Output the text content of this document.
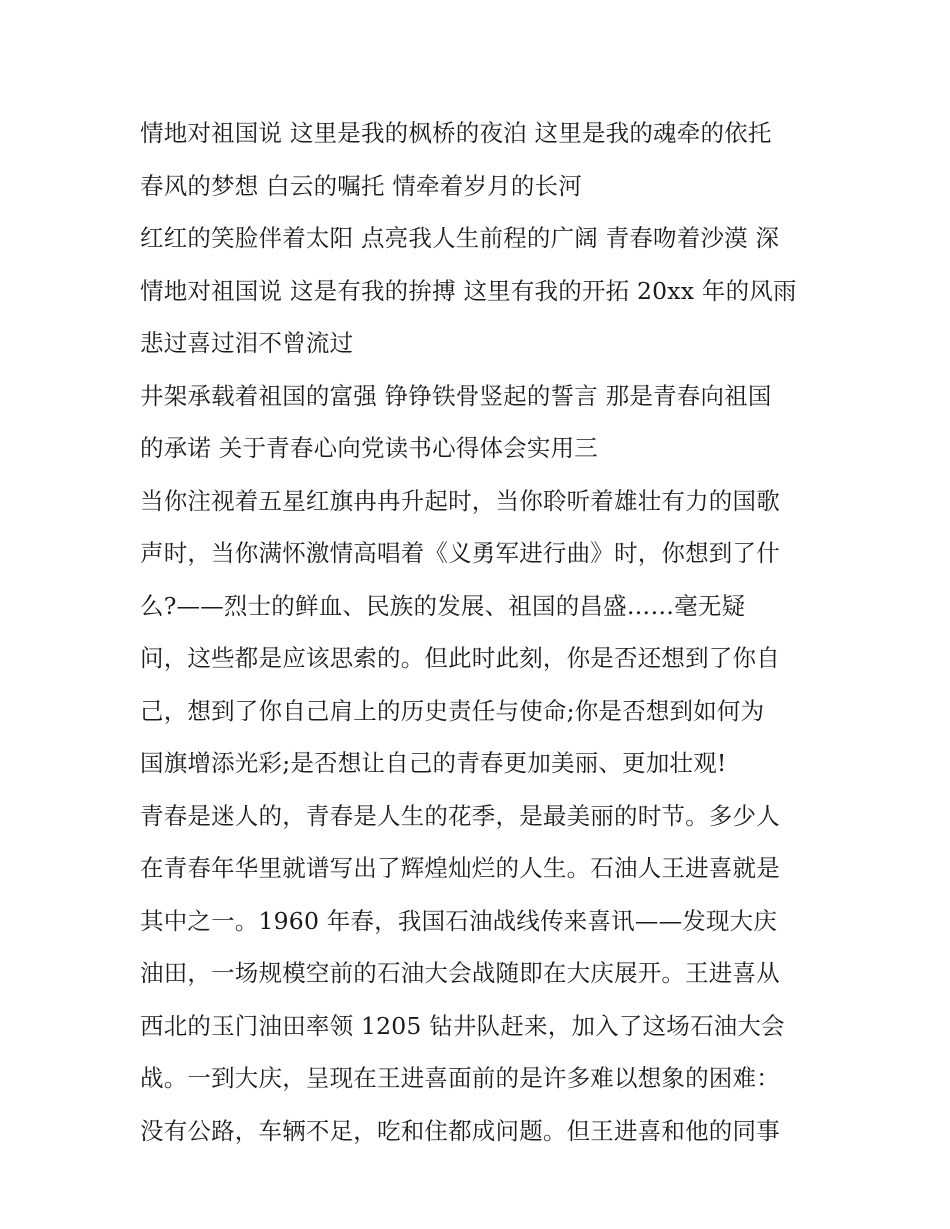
情地对祖国说 这里是我的枫桥的夜泊 这里是我的魂牵的依托
春风的梦想 白云的嘱托 情牵着岁月的长河
红红的笑脸伴着太阳 点亮我人生前程的广阔 青春吻着沙漠 深
情地对祖国说 这是有我的拚搏 这里有我的开拓 20xx 年的风雨
悲过喜过泪不曾流过
井架承载着祖国的富强 铮铮铁骨竖起的誓言 那是青春向祖国
的承诺 关于青春心向党读书心得体会实用三
当你注视着五星红旗冉冉升起时，当你聆听着雄壮有力的国歌
声时，当你满怀激情高唱着《义勇军进行曲》时，你想到了什
么?——烈士的鲜血、民族的发展、祖国的昌盛……毫无疑
问，这些都是应该思索的。但此时此刻，你是否还想到了你自
己，想到了你自己肩上的历史责任与使命;你是否想到如何为
国旗增添光彩;是否想让自己的青春更加美丽、更加壮观!
青春是迷人的，青春是人生的花季，是最美丽的时节。多少人
在青春年华里就谱写出了辉煌灿烂的人生。石油人王进喜就是
其中之一。1960 年春，我国石油战线传来喜讯——发现大庆
油田，一场规模空前的石油大会战随即在大庆展开。王进喜从
西北的玉门油田率领 1205 钻井队赶来，加入了这场石油大会
战。一到大庆，呈现在王进喜面前的是许多难以想象的困难：
没有公路，车辆不足，吃和住都成问题。但王进喜和他的同事
